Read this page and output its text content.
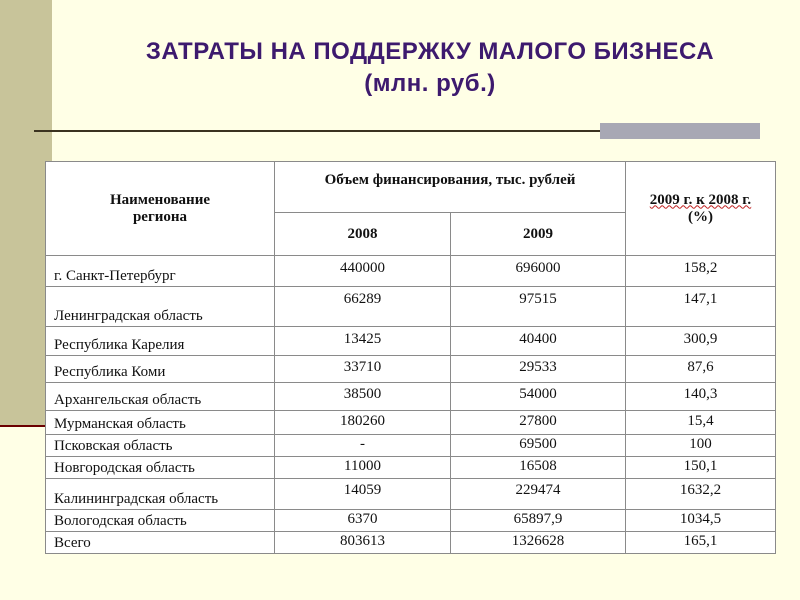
ЗАТРАТЫ НА ПОДДЕРЖКУ МАЛОГО БИЗНЕСА
(млн. руб.)
Наименование
региона	Объем финансирования, тыс. рублей		2009 г. к 2008 г.
(%)
	2008	2009	
г. Санкт-Петербург	440000	696000	158,2
Ленинградская область	66289	97515	147,1
Республика Карелия	13425	40400	300,9
Республика Коми	33710	29533	87,6
Архангельская область	38500	54000	140,3
Мурманская область	180260	27800	15,4
Псковская область	-	69500	100
Новгородская область	11000	16508	150,1
Калининградская область	14059	229474	1632,2
Вологодская область	6370	65897,9	1034,5
Всего	803613	1326628	165,1
